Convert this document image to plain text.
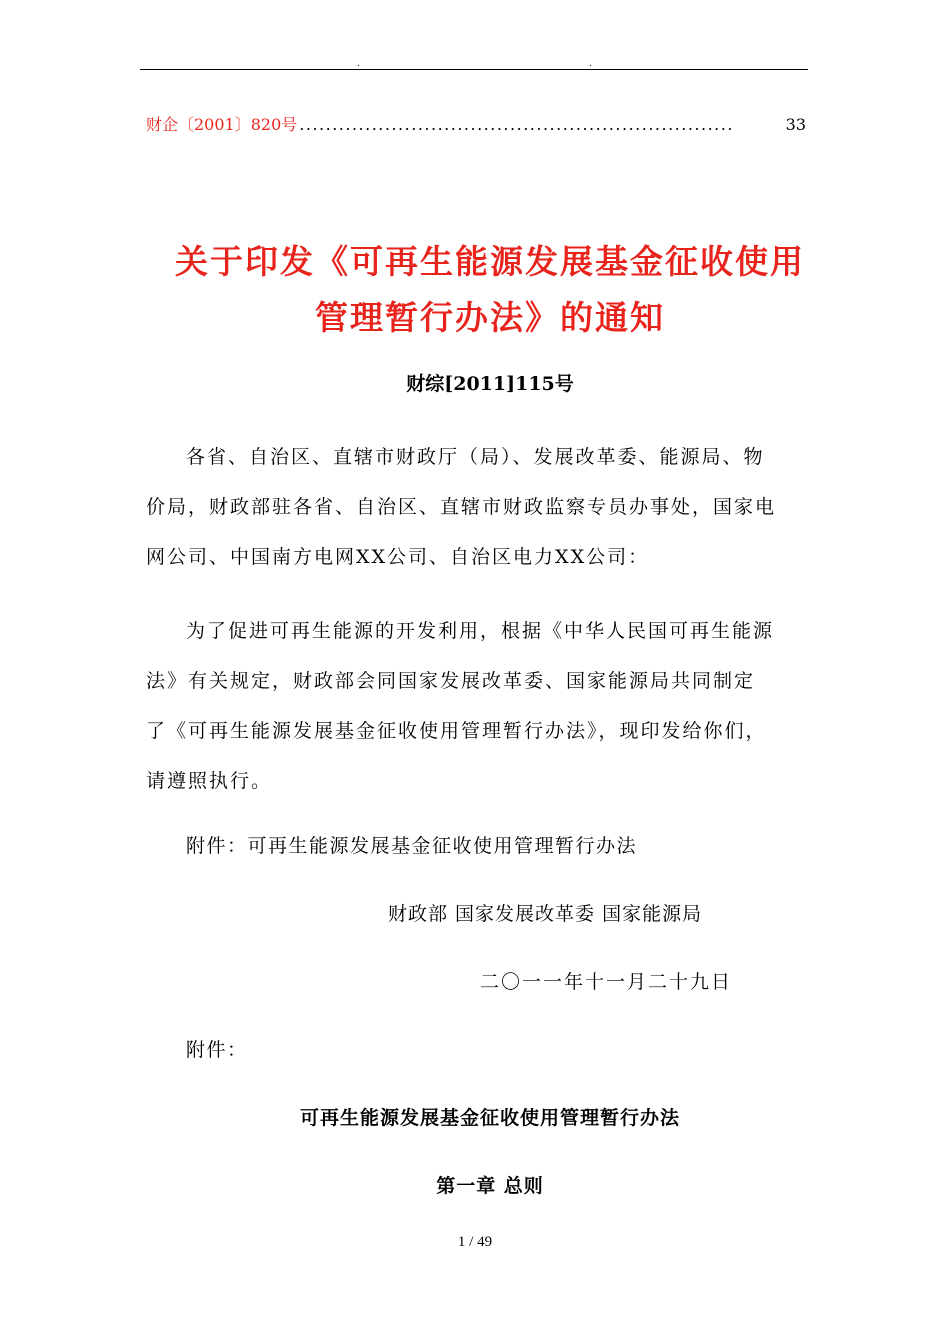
.	.
财企〔2001〕820号 ..................................................................	33
关于印发《可再生能源发展基金征收使用
管理暂行办法》的通知
财综[2011]115号
各省、自治区、直辖市财政厅（局）、发展改革委、能源局、物
价局，财政部驻各省、自治区、直辖市财政监察专员办事处，国家电
网公司、中国南方电网XX公司、自治区电力XX公司：
为了促进可再生能源的开发利用，根据《中华人民国可再生能源
法》有关规定，财政部会同国家发展改革委、国家能源局共同制定
了《可再生能源发展基金征收使用管理暂行办法》，现印发给你们，
请遵照执行。
附件：可再生能源发展基金征收使用管理暂行办法
财政部 国家发展改革委 国家能源局
二〇一一年十一月二十九日
附件：
可再生能源发展基金征收使用管理暂行办法
第一章 总则
1 / 49
